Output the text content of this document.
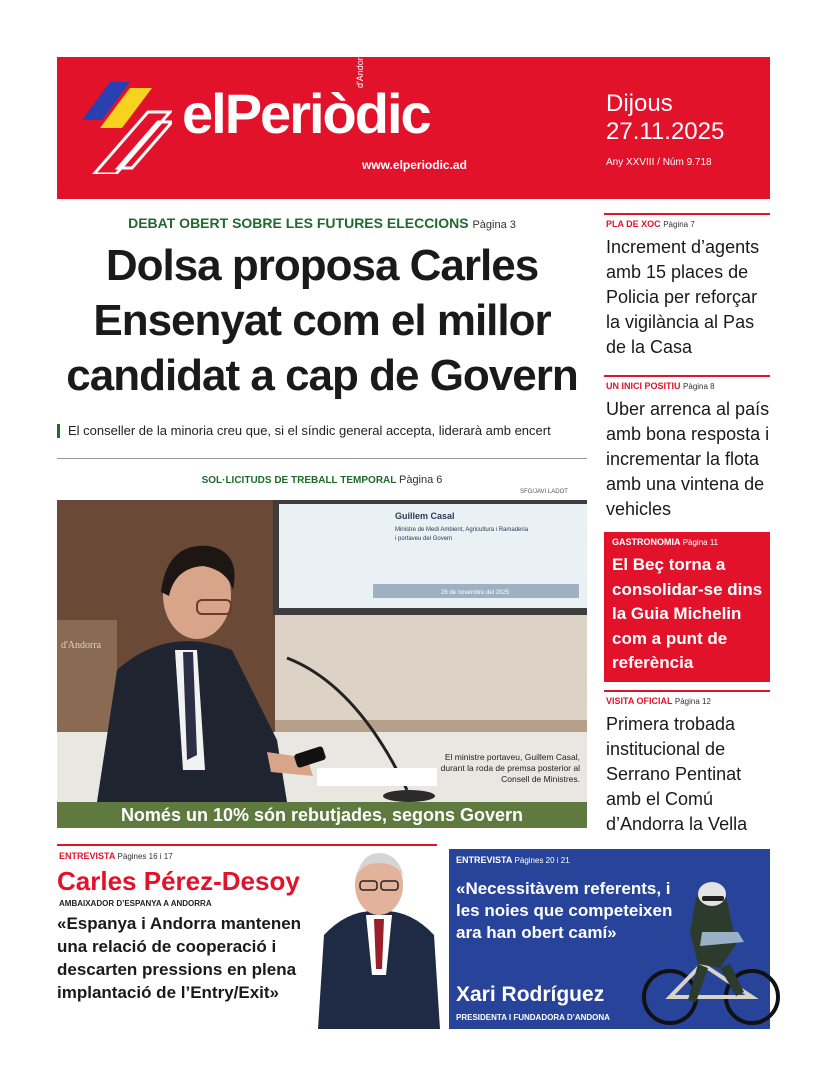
elPeriòdic
d'Andorra
www.elperiodic.ad
Dijous
27.11.2025
Any XXVIII / Núm 9.718
DEBAT OBERT SOBRE LES FUTURES ELECCIONS Pàgina 3
Dolsa proposa Carles
Ensenyat com el millor
candidat a cap de Govern
El conseller de la minoria creu que, si el síndic general accepta, liderarà amb encert
SOL·LICITUDS DE TREBALL TEMPORAL Pàgina 6
SFG/JAVI LADOT
Guillem Casal
Ministre de Medi Ambient, Agricultura i Ramaderia
i portaveu del Govern
26 de novembre del 2025
d'Andorra
El ministre portaveu, Guillem Casal, durant la roda de premsa posterior al Consell de Ministres.
Només un 10% són rebutjades, segons Govern
PLA DE XOC Pàgina 7
Increment d’agents amb 15 places de Policia per reforçar la vigilància al Pas de la Casa
UN INICI POSITIU Pàgina 8
Uber arrenca al país amb bona resposta i incrementar la flota amb una vintena de vehicles
GASTRONOMIA Pàgina 11
El Beç torna a consolidar-se dins la Guia Michelin com a punt de referència
VISITA OFICIAL Pàgina 12
Primera trobada institucional de Serrano Pentinat amb el Comú d’Andorra la Vella
ENTREVISTA Pàgines 16 i 17
Carles Pérez-Desoy
AMBAIXADOR D’ESPANYA A ANDORRA
«Espanya i Andorra mantenen una relació de cooperació i descarten pressions en plena implantació de l’Entry/Exit»
ENTREVISTA Pàgines 20 i 21
«Necessitàvem referents, i les noies que competeixen ara han obert camí»
Xari Rodríguez
PRESIDENTA I FUNDADORA D’ANDONA
